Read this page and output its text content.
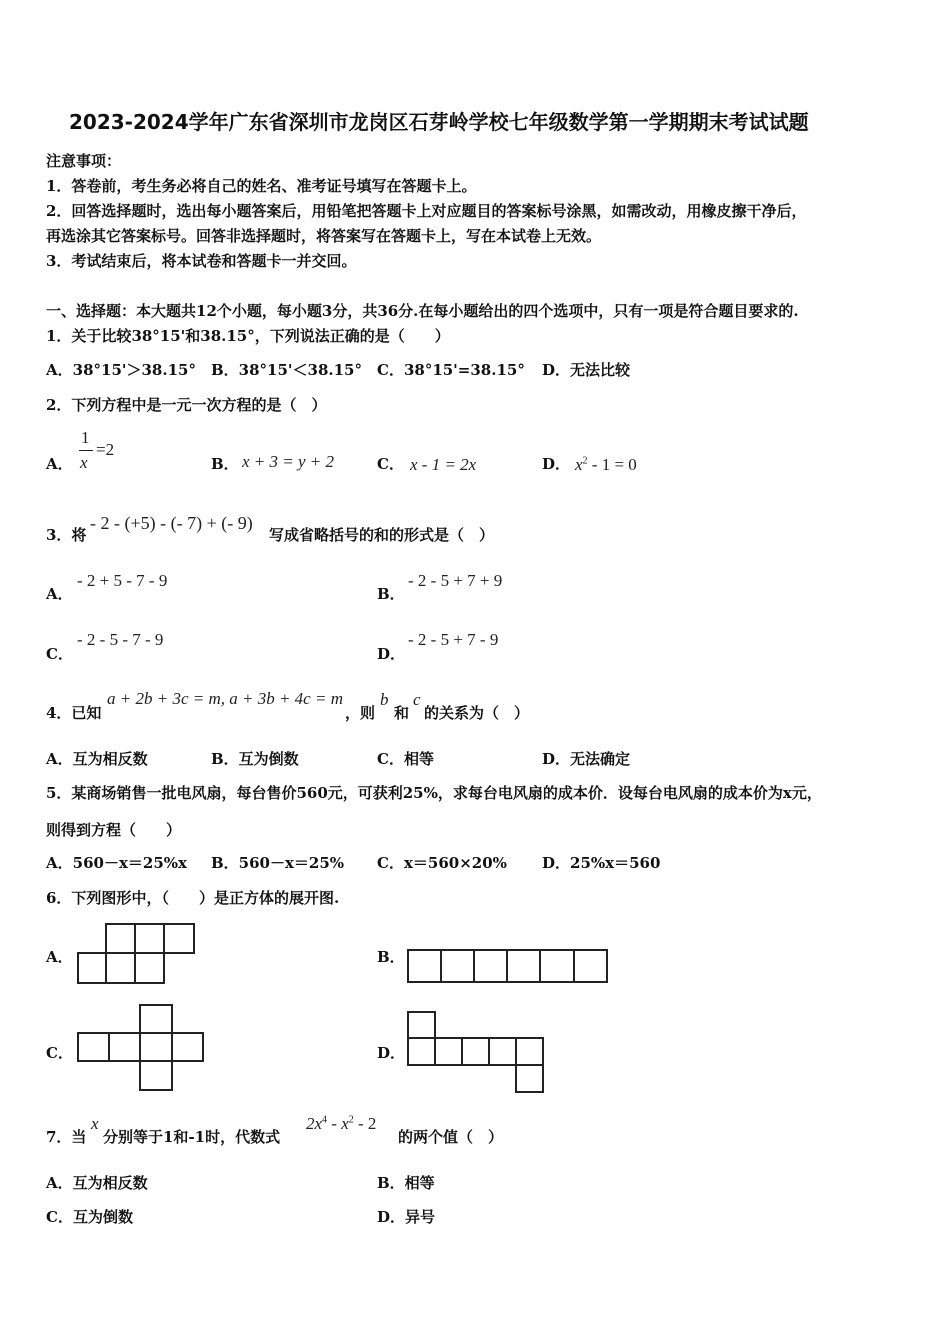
2023-2024学年广东省深圳市龙岗区石芽岭学校七年级数学第一学期期末考试试题
注意事项：
1．答卷前，考生务必将自己的姓名、准考证号填写在答题卡上。
2．回答选择题时，选出每小题答案后，用铅笔把答题卡上对应题目的答案标号涂黑，如需改动，用橡皮擦干净后，
再选涂其它答案标号。回答非选择题时，将答案写在答题卡上，写在本试卷上无效。
3．考试结束后，将本试卷和答题卡一并交回。
一、选择题：本大题共12个小题，每小题3分，共36分.在每小题给出的四个选项中，只有一项是符合题目要求的.
1．关于比较38°15'和38.15°，下列说法正确的是（　　）
A．38°15'＞38.15° B．38°15'＜38.15° C．38°15'=38.15° D．无法比较
2．下列方程中是一元一次方程的是（　）
A．
1
x
=2
B． x + 3 = y + 2	C． x - 1 = 2x	D． $x^2 - 1 = 0$
3．将
- 2 - (+5) - (- 7) + (- 9)
写成省略括号的和的形式是（　）
A．
- 2 + 5 - 7 - 9
B．
- 2 - 5 + 7 + 9
C．
- 2 - 5 - 7 - 9
D．
- 2 - 5 + 7 - 9
4．已知
a + 2b + 3c = m, a + 3b + 4c = m
，则
b
和
c
的关系为（　）
A．互为相反数	B．互为倒数	C．相等	D．无法确定
5．某商场销售一批电风扇，每台售价560元，可获利25%，求每台电风扇的成本价．设每台电风扇的成本价为x元，
则得到方程（　　）
A．560－x＝25%x B．560－x＝25% C．x＝560×20% D．25%x＝560
6．下列图形中，（　　）是正方体的展开图.
A．	B．
C．	D．
7．当
x
分别等于1和-1时，代数式
$2x^4 - x^2 - 2$
的两个值（　）
A．互为相反数	B．相等
C．互为倒数	D．异号
